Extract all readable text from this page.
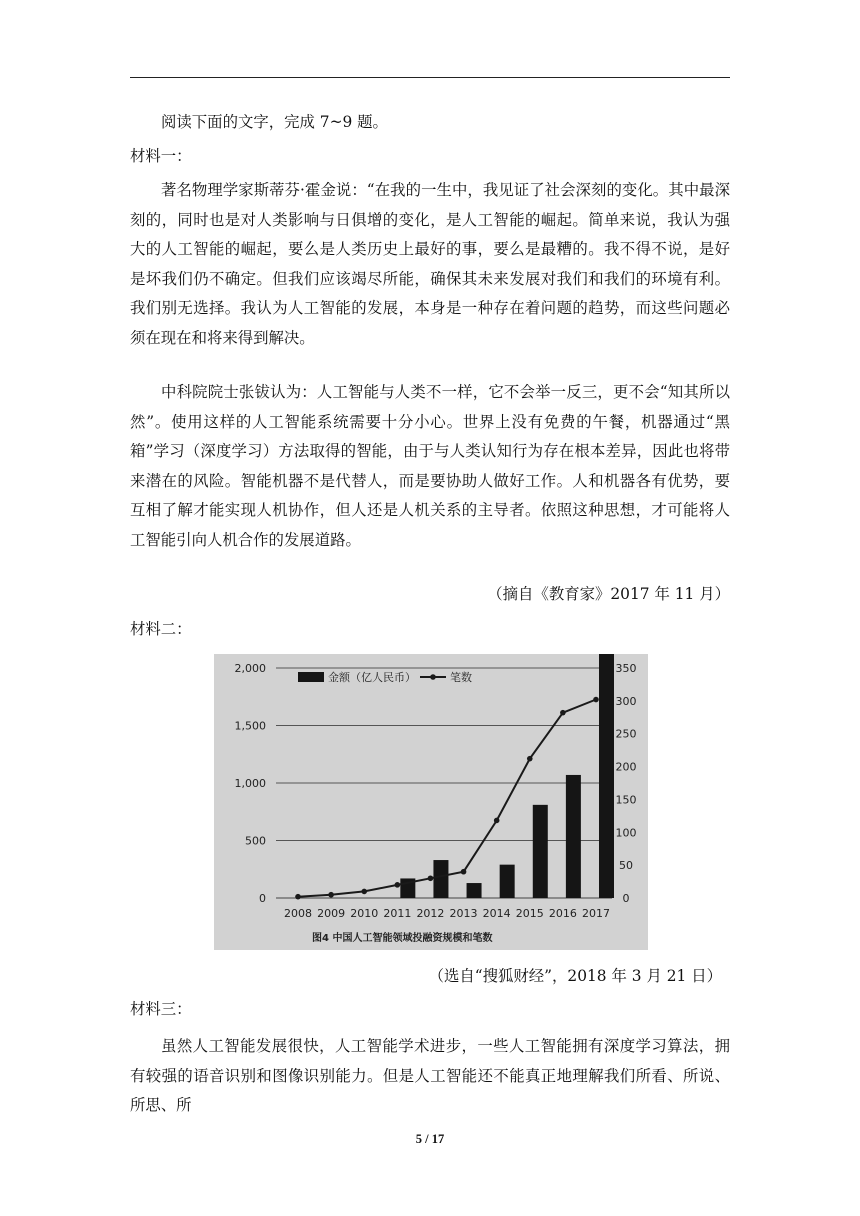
阅读下面的文字，完成 7~9 题。

材料一：

著名物理学家斯蒂芬·霍金说：“在我的一生中，我见证了社会深刻的变化。其中最深刻的，同时也是对人类影响与日俱增的变化，是人工智能的崛起。简单来说，我认为强大的人工智能的崛起，要么是人类历史上最好的事，要么是最糟的。我不得不说，是好是坏我们仍不确定。但我们应该竭尽所能，确保其未来发展对我们和我们的环境有利。我们别无选择。我认为人工智能的发展，本身是一种存在着问题的趋势，而这些问题必须在现在和将来得到解决。

中科院院士张钹认为：人工智能与人类不一样，它不会举一反三，更不会“知其所以然”。使用这样的人工智能系统需要十分小心。世界上没有免费的午餐，机器通过“黑箱”学习（深度学习）方法取得的智能，由于与人类认知行为存在根本差异，因此也将带来潜在的风险。智能机器不是代替人，而是要协助人做好工作。人和机器各有优势，要互相了解才能实现人机协作，但人还是人机关系的主导者。依照这种思想，才可能将人工智能引向人机合作的发展道路。

（摘自《教育家》2017 年 11 月）

材料二：

0
500
1,000
1,500
2,000
0
50
100
150
200
250
300
350
2008 2009 2010 2011 2012 2013 2014 2015 2016 2017
金额（亿人民币）	笔数
图4 中国人工智能领域投融资规模和笔数
（选自“搜狐财经”，2018 年 3 月 21 日）

材料三：

虽然人工智能发展很快，人工智能学术进步，一些人工智能拥有深度学习算法，拥有较强的语音识别和图像识别能力。但是人工智能还不能真正地理解我们所看、所说、所思、所

5 / 17
